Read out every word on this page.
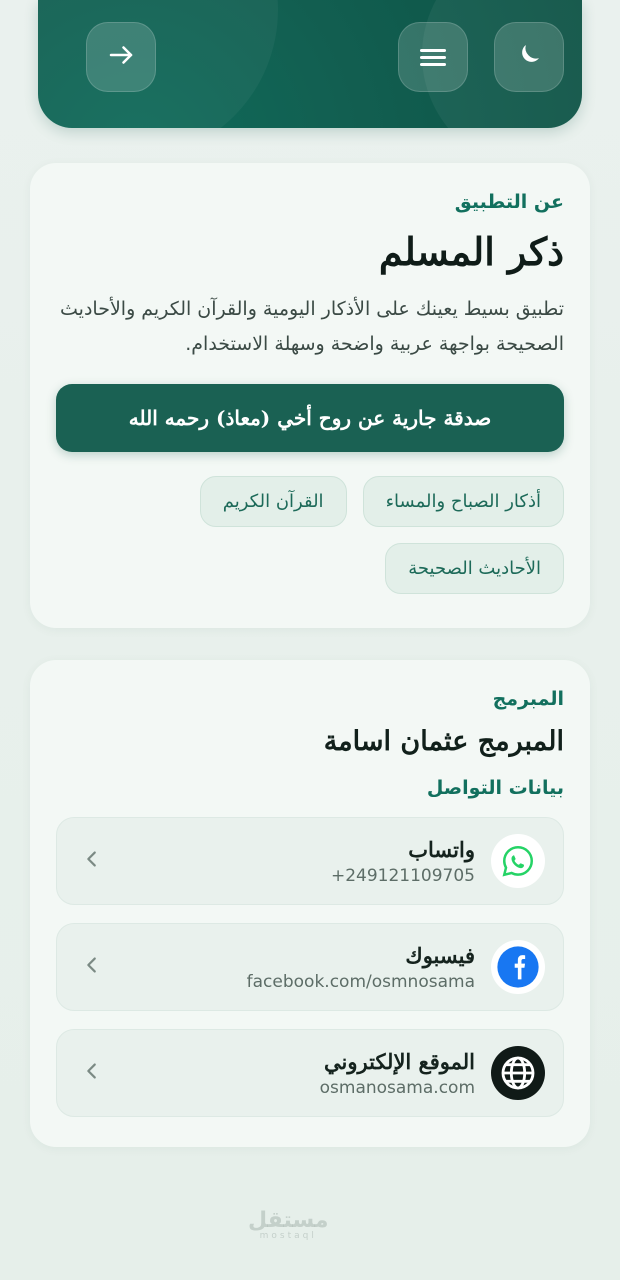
عن التطبيق
ذكر المسلم
تطبيق بسيط يعينك على الأذكار اليومية والقرآن الكريم والأحاديث الصحيحة بواجهة عربية واضحة وسهلة الاستخدام.
صدقة جارية عن روح أخي (معاذ) رحمه الله
أذكار الصباح والمساء
القرآن الكريم
الأحاديث الصحيحة
المبرمج
المبرمج عثمان اسامة
بيانات التواصل
واتساب
+249121109705
فيسبوك
facebook.com/osmnosama
الموقع الإلكتروني
osmanosama.com
مستقل
mostaql
